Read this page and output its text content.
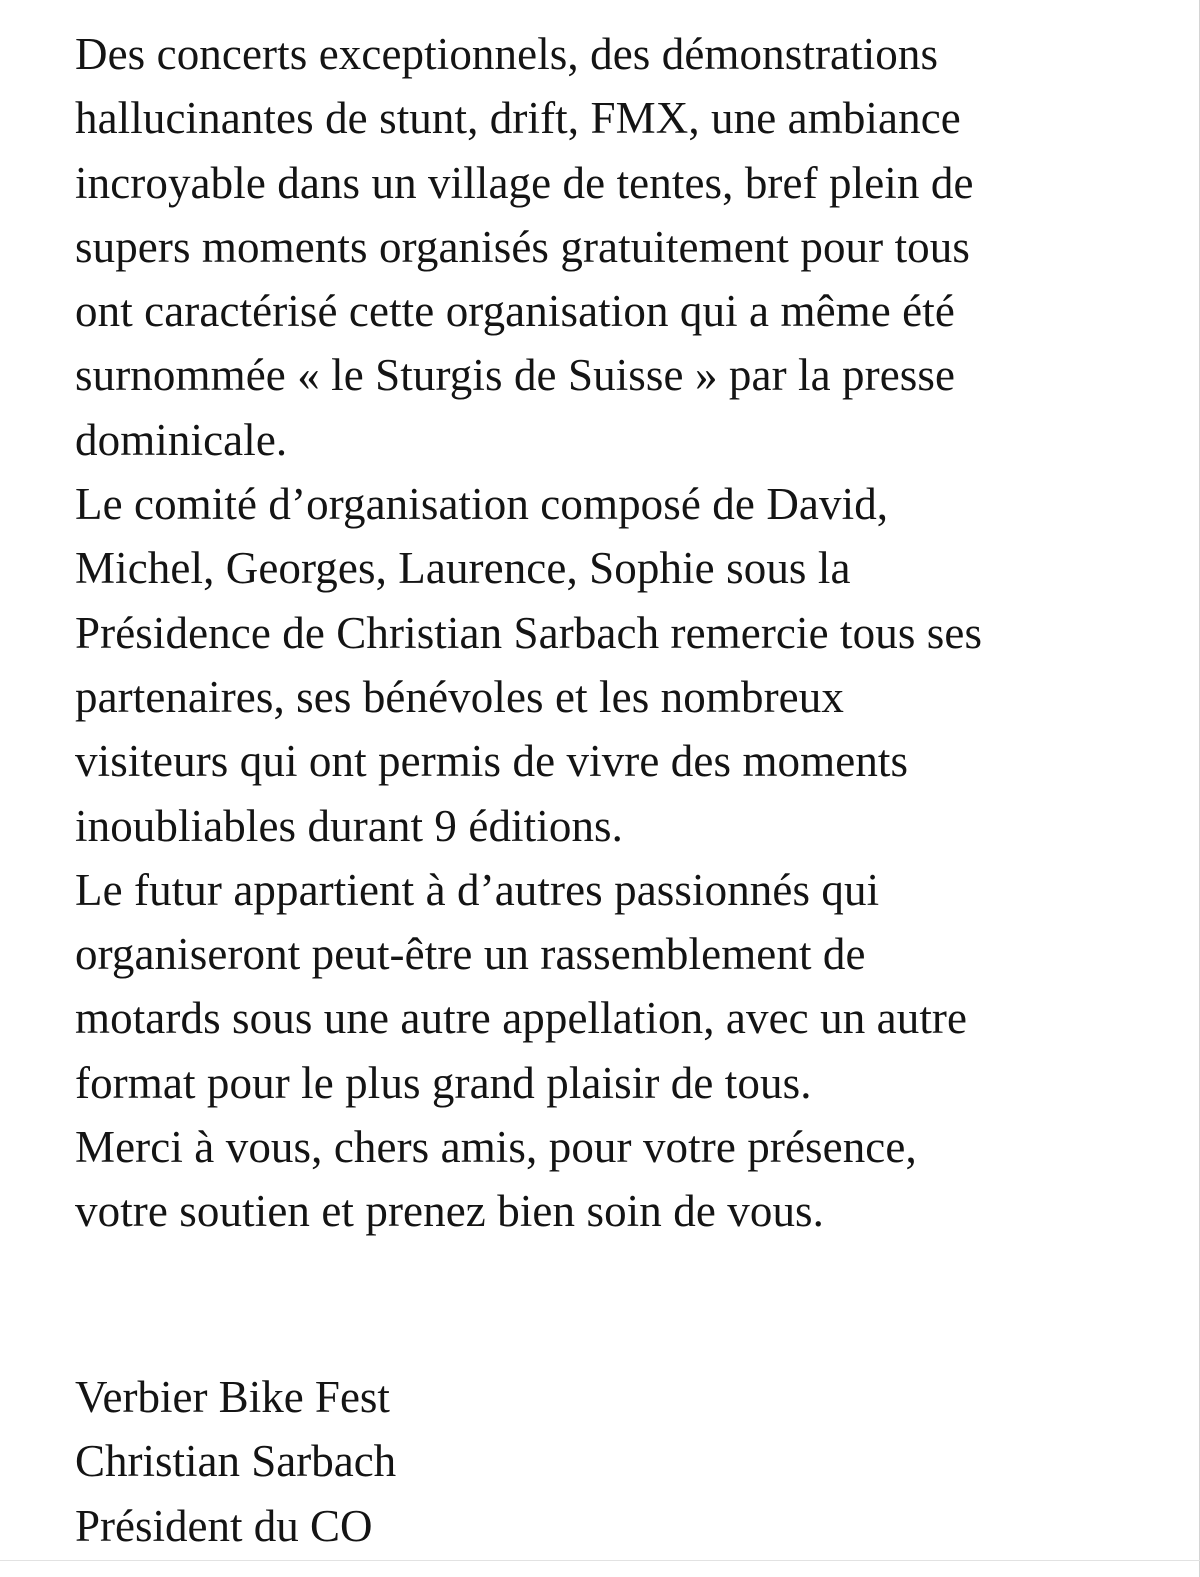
Des concerts exceptionnels, des démonstrations
hallucinantes de stunt, drift, FMX, une ambiance
incroyable dans un village de tentes, bref plein de
supers moments organisés gratuitement pour tous
ont caractérisé cette organisation qui a même été
surnommée « le Sturgis de Suisse » par la presse
dominicale.
Le comité d’organisation composé de David,
Michel, Georges, Laurence, Sophie sous la
Présidence de Christian Sarbach remercie tous ses
partenaires, ses bénévoles et les nombreux
visiteurs qui ont permis de vivre des moments
inoubliables durant 9 éditions.
Le futur appartient à d’autres passionnés qui
organiseront peut-être un rassemblement de
motards sous une autre appellation, avec un autre
format pour le plus grand plaisir de tous.
Merci à vous, chers amis, pour votre présence,
votre soutien et prenez bien soin de vous.
Verbier Bike Fest
Christian Sarbach
Président du CO
